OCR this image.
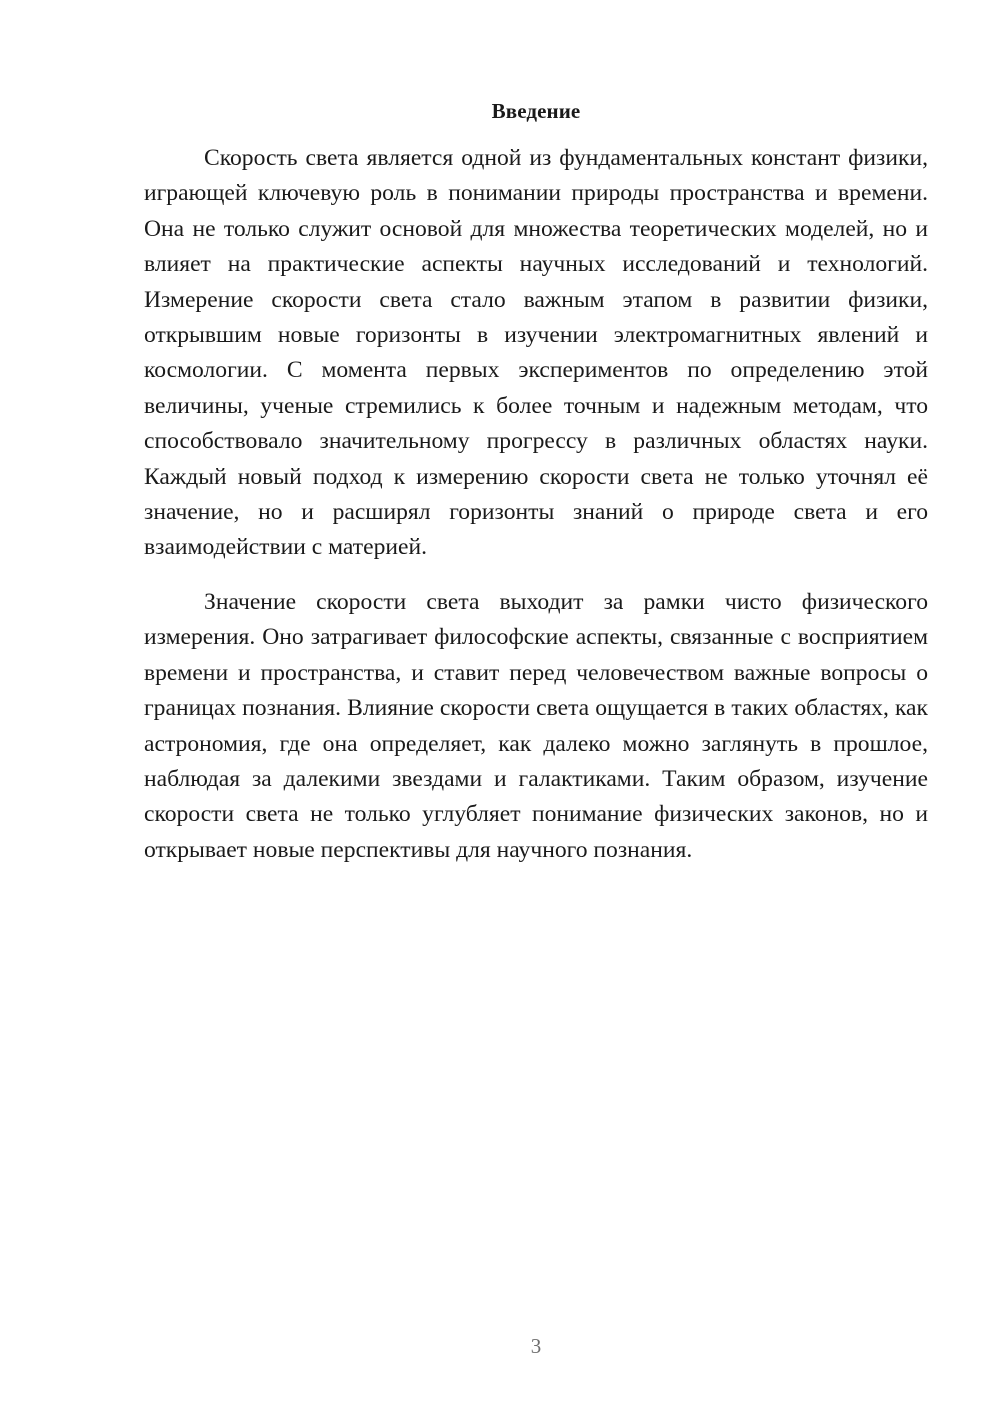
Введение

Скорость света является одной из фундаментальных констант физики, играющей ключевую роль в понимании природы пространства и времени. Она не только служит основой для множества теоретических моделей, но и влияет на практические аспекты научных исследований и технологий. Измерение скорости света стало важным этапом в развитии физики, открывшим новые горизонты в изучении электромагнитных явлений и космологии. С момента первых экспериментов по определению этой величины, ученые стремились к более точным и надежным методам, что способствовало значительному прогрессу в различных областях науки. Каждый новый подход к измерению скорости света не только уточнял её значение, но и расширял горизонты знаний о природе света и его взаимодействии с материей.

Значение скорости света выходит за рамки чисто физического измерения. Оно затрагивает философские аспекты, связанные с восприятием времени и пространства, и ставит перед человечеством важные вопросы о границах познания. Влияние скорости света ощущается в таких областях, как астрономия, где она определяет, как далеко можно заглянуть в прошлое, наблюдая за далекими звездами и галактиками. Таким образом, изучение скорости света не только углубляет понимание физических законов, но и открывает новые перспективы для научного познания.

3
